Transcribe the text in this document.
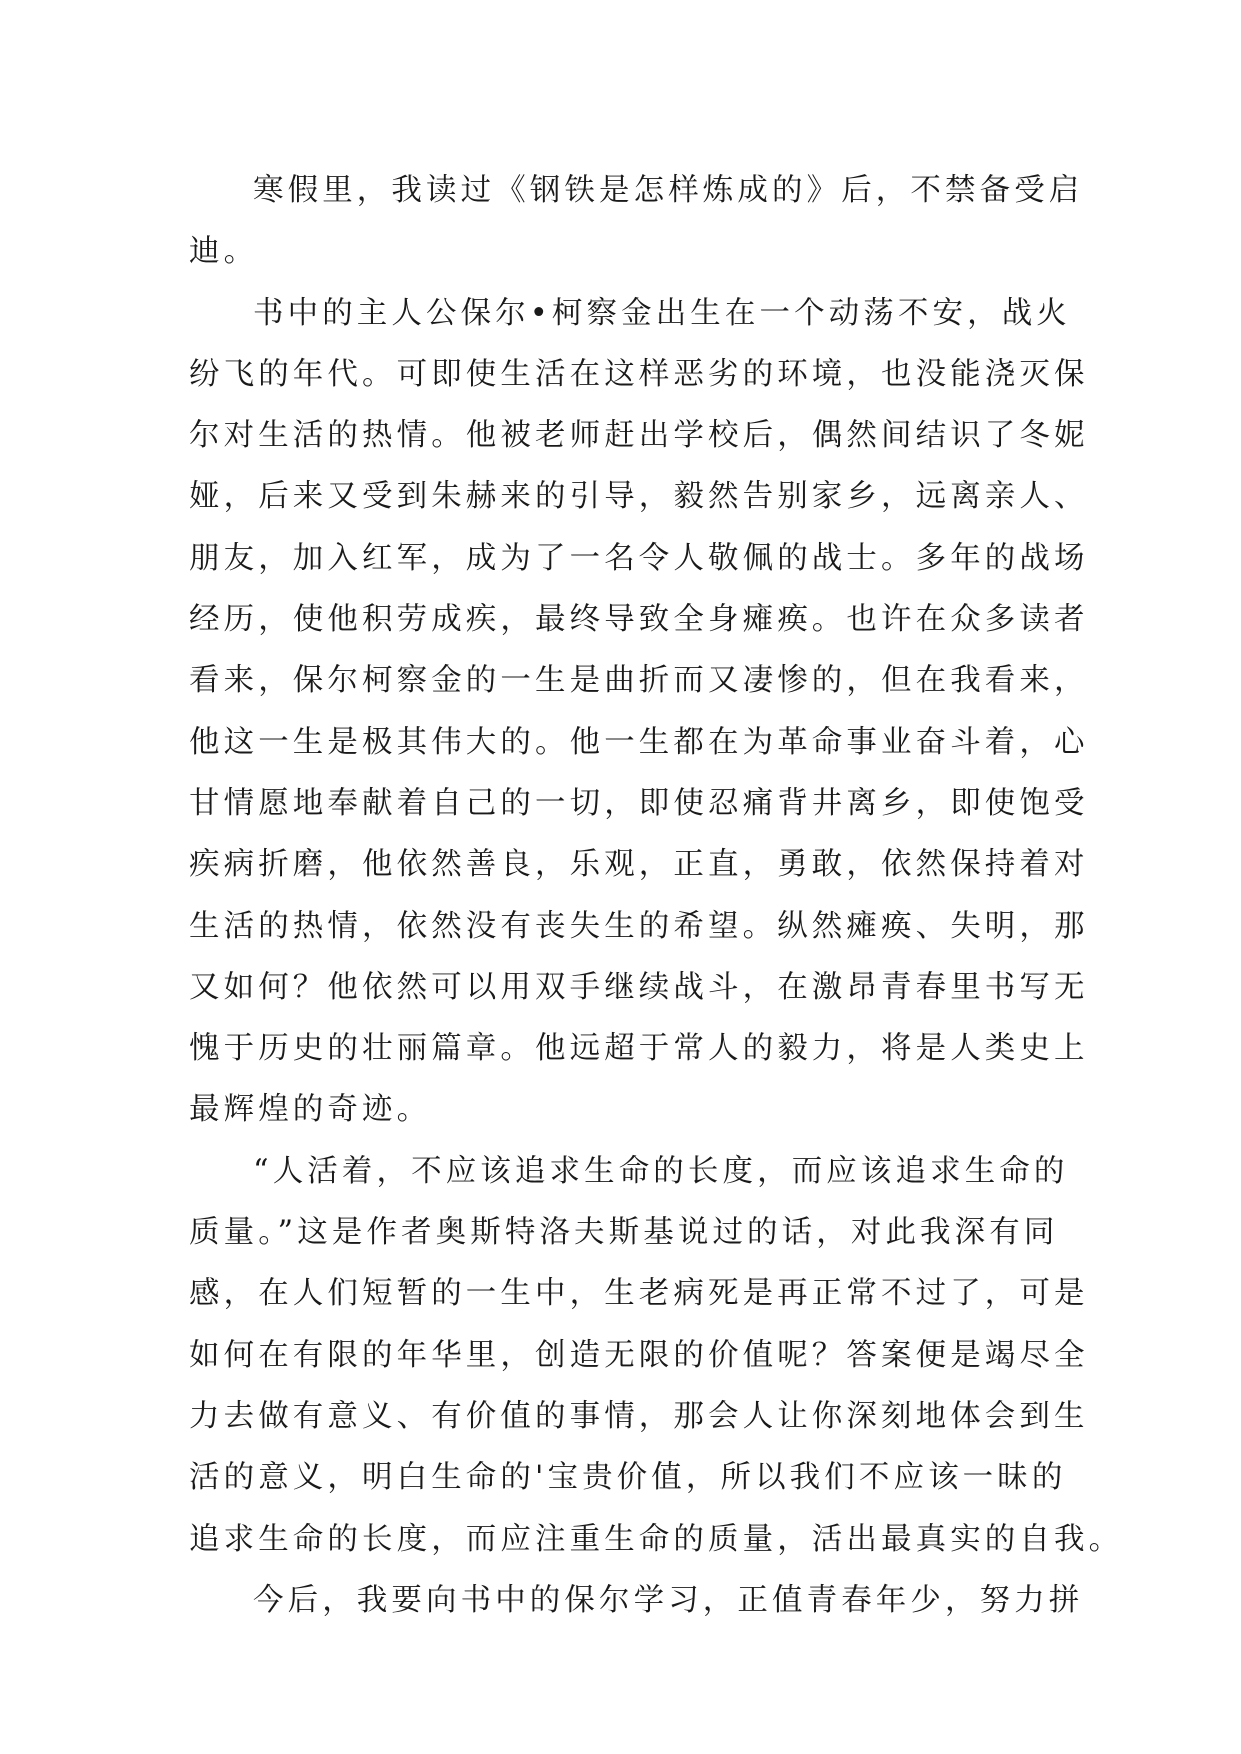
寒假里，我读过《钢铁是怎样炼成的》后，不禁备受启
迪。
书中的主人公保尔•柯察金出生在一个动荡不安，战火
纷飞的年代。可即使生活在这样恶劣的环境，也没能浇灭保
尔对生活的热情。他被老师赶出学校后，偶然间结识了冬妮
娅，后来又受到朱赫来的引导，毅然告别家乡，远离亲人、
朋友，加入红军，成为了一名令人敬佩的战士。多年的战场
经历，使他积劳成疾，最终导致全身瘫痪。也许在众多读者
看来，保尔柯察金的一生是曲折而又凄惨的，但在我看来，
他这一生是极其伟大的。他一生都在为革命事业奋斗着，心
甘情愿地奉献着自己的一切，即使忍痛背井离乡，即使饱受
疾病折磨，他依然善良，乐观，正直，勇敢，依然保持着对
生活的热情，依然没有丧失生的希望。纵然瘫痪、失明，那
又如何？他依然可以用双手继续战斗，在激昂青春里书写无
愧于历史的壮丽篇章。他远超于常人的毅力，将是人类史上
最辉煌的奇迹。
“人活着，不应该追求生命的长度，而应该追求生命的
质量。”这是作者奥斯特洛夫斯基说过的话，对此我深有同
感，在人们短暂的一生中，生老病死是再正常不过了，可是
如何在有限的年华里，创造无限的价值呢？答案便是竭尽全
力去做有意义、有价值的事情，那会人让你深刻地体会到生
活的意义，明白生命的'宝贵价值，所以我们不应该一昧的
追求生命的长度，而应注重生命的质量，活出最真实的自我。
今后，我要向书中的保尔学习，正值青春年少，努力拼
